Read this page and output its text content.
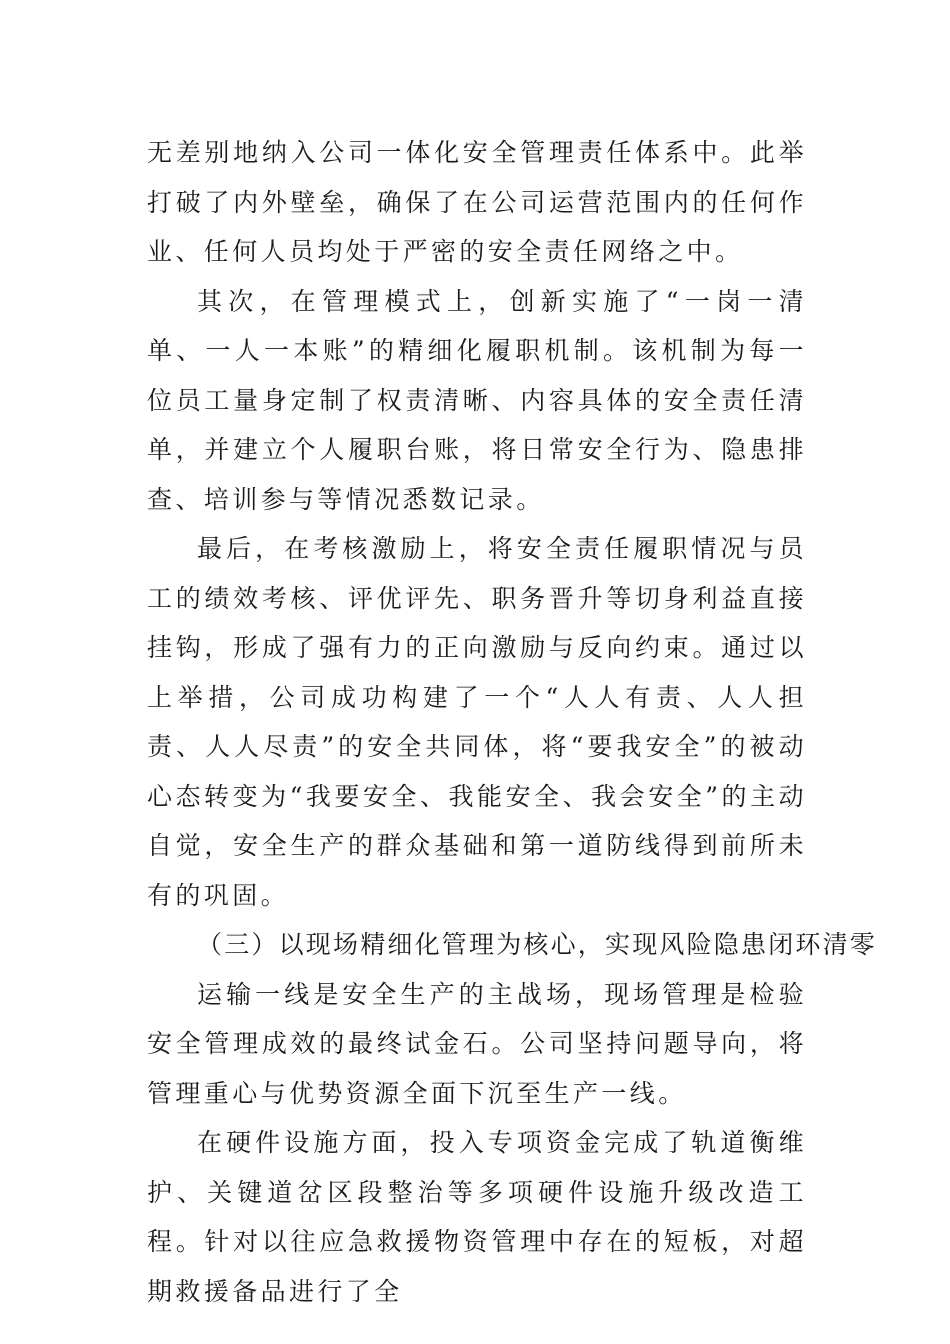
无差别地纳入公司一体化安全管理责任体系中。此举打破了内外壁垒，确保了在公司运营范围内的任何作业、任何人员均处于严密的安全责任网络之中。

其次，在管理模式上，创新实施了“一岗一清单、一人一本账”的精细化履职机制。该机制为每一位员工量身定制了权责清晰、内容具体的安全责任清单，并建立个人履职台账，将日常安全行为、隐患排查、培训参与等情况悉数记录。

最后，在考核激励上，将安全责任履职情况与员工的绩效考核、评优评先、职务晋升等切身利益直接挂钩，形成了强有力的正向激励与反向约束。通过以上举措，公司成功构建了一个“人人有责、人人担责、人人尽责”的安全共同体，将“要我安全”的被动心态转变为“我要安全、我能安全、我会安全”的主动自觉，安全生产的群众基础和第一道防线得到前所未有的巩固。

（三）以现场精细化管理为核心，实现风险隐患闭环清零

运输一线是安全生产的主战场，现场管理是检验安全管理成效的最终试金石。公司坚持问题导向，将管理重心与优势资源全面下沉至生产一线。

在硬件设施方面，投入专项资金完成了轨道衡维护、关键道岔区段整治等多项硬件设施升级改造工程。针对以往应急救援物资管理中存在的短板，对超期救援备品进行了全
